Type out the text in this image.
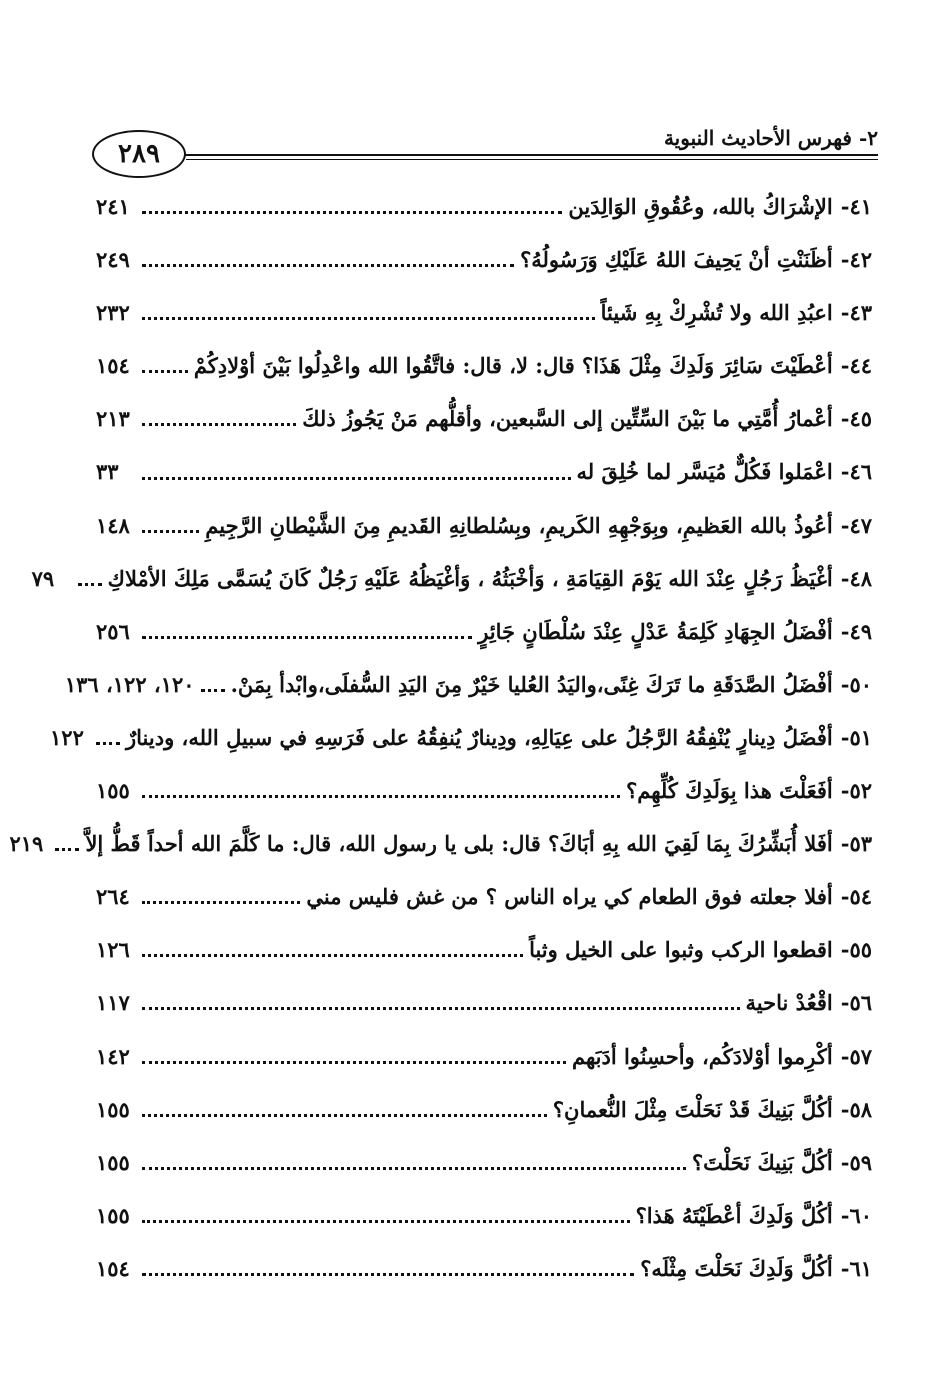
٢٨٩
٢- فهرس الأحاديث النبوية
٤١-
الإشْرَاكُ بالله، وعُقُوقِ الوَالِدَين
٢٤١
٤٢-
أظَنَنْتِ أنْ يَحِيفَ اللهُ عَلَيْكِ وَرَسُولُهُ؟
٢٤٩
٤٣-
اعبُدِ الله ولا تُشْرِكْ بِهِ شَيئاً
٢٣٢
٤٤-
أعْطَيْتَ سَائِرَ وَلَدِكَ مِثْلَ هَذَا؟ قال: لا، قال: فاتَّقُوا الله واعْدِلُوا بَيْنَ أوْلادِكُمْ
١٥٤
٤٥-
أعْمارُ أُمَّتِي ما بَيْنَ السِّتِّين إلى السَّبعين، وأقلُّهم مَنْ يَجُوزُ ذلكَ
٢١٣
٤٦-
اعْمَلوا فَكُلٌّ مُيَسَّر لما خُلِقَ له
٣٣
٤٧-
أعُوذُ بالله العَظيمِ، وبِوَجْهِهِ الكَريمِ، وبِسُلطانِهِ القَديمِ مِنَ الشَّيْطانِ الرَّجِيمِ
١٤٨
٤٨-
أغْيَظُ رَجُلٍ عِنْدَ الله يَوْمَ القِيَامَةِ ، وَأخْبَثُهُ ، وَأغْيَظُهُ عَلَيْهِ رَجُلٌ كَانَ يُسَمَّى مَلِكَ الأمْلاكِ
٧٩
٤٩-
أفْضَلُ الجِهَادِ كَلِمَةُ عَدْلٍ عِنْدَ سُلْطَانٍ جَائِرٍ
٢٥٦
٥٠-
أفْضَلُ الصَّدَقَةِ ما تَرَكَ غِنًى،واليَدُ العُليا خَيْرٌ مِنَ اليَدِ السُّفلَى،وابْدأ بِمَنْ.
١٢٠، ١٢٢، ١٣٦
٥١-
أفْضَلُ دِينارٍ يُنْفِقُهُ الرَّجُلُ على عِيَالِهِ، ودِينارٌ يُنفِقُهُ على فَرَسِهِ في سبيلِ الله، ودينارٌ
١٢٢
٥٢-
أفَعَلْتَ هذا بِوَلَدِكَ كُلِّهِم؟
١٥٥
٥٣-
أفَلا أُبَشِّرُكَ بِمَا لَقِيَ الله بِهِ أبَاكَ؟ قال: بلى يا رسول الله، قال: ما كَلَّمَ الله أحداً قَطُّ إلاَّ
٢١٩
٥٤-
أفلا جعلته فوق الطعام كي يراه الناس ؟ من غش فليس مني
٢٦٤
٥٥-
اقطعوا الركب وثبوا على الخيل وثباً
١٢٦
٥٦-
اقْعُدْ ناحية
١١٧
٥٧-
أكْرِموا أوْلادَكُم، وأحسِنُوا أدَبَهم
١٤٢
٥٨-
أكُلَّ بَنِيكَ قَدْ نَحَلْتَ مِثْلَ النُّعمانِ؟
١٥٥
٥٩-
أكُلَّ بَنِيكَ نَحَلْتَ؟
١٥٥
٦٠-
أكُلَّ وَلَدِكَ أعْطَيْتَهُ هَذا؟
١٥٥
٦١-
أكُلَّ وَلَدِكَ نَحَلْتَ مِثْلَه؟
١٥٤
